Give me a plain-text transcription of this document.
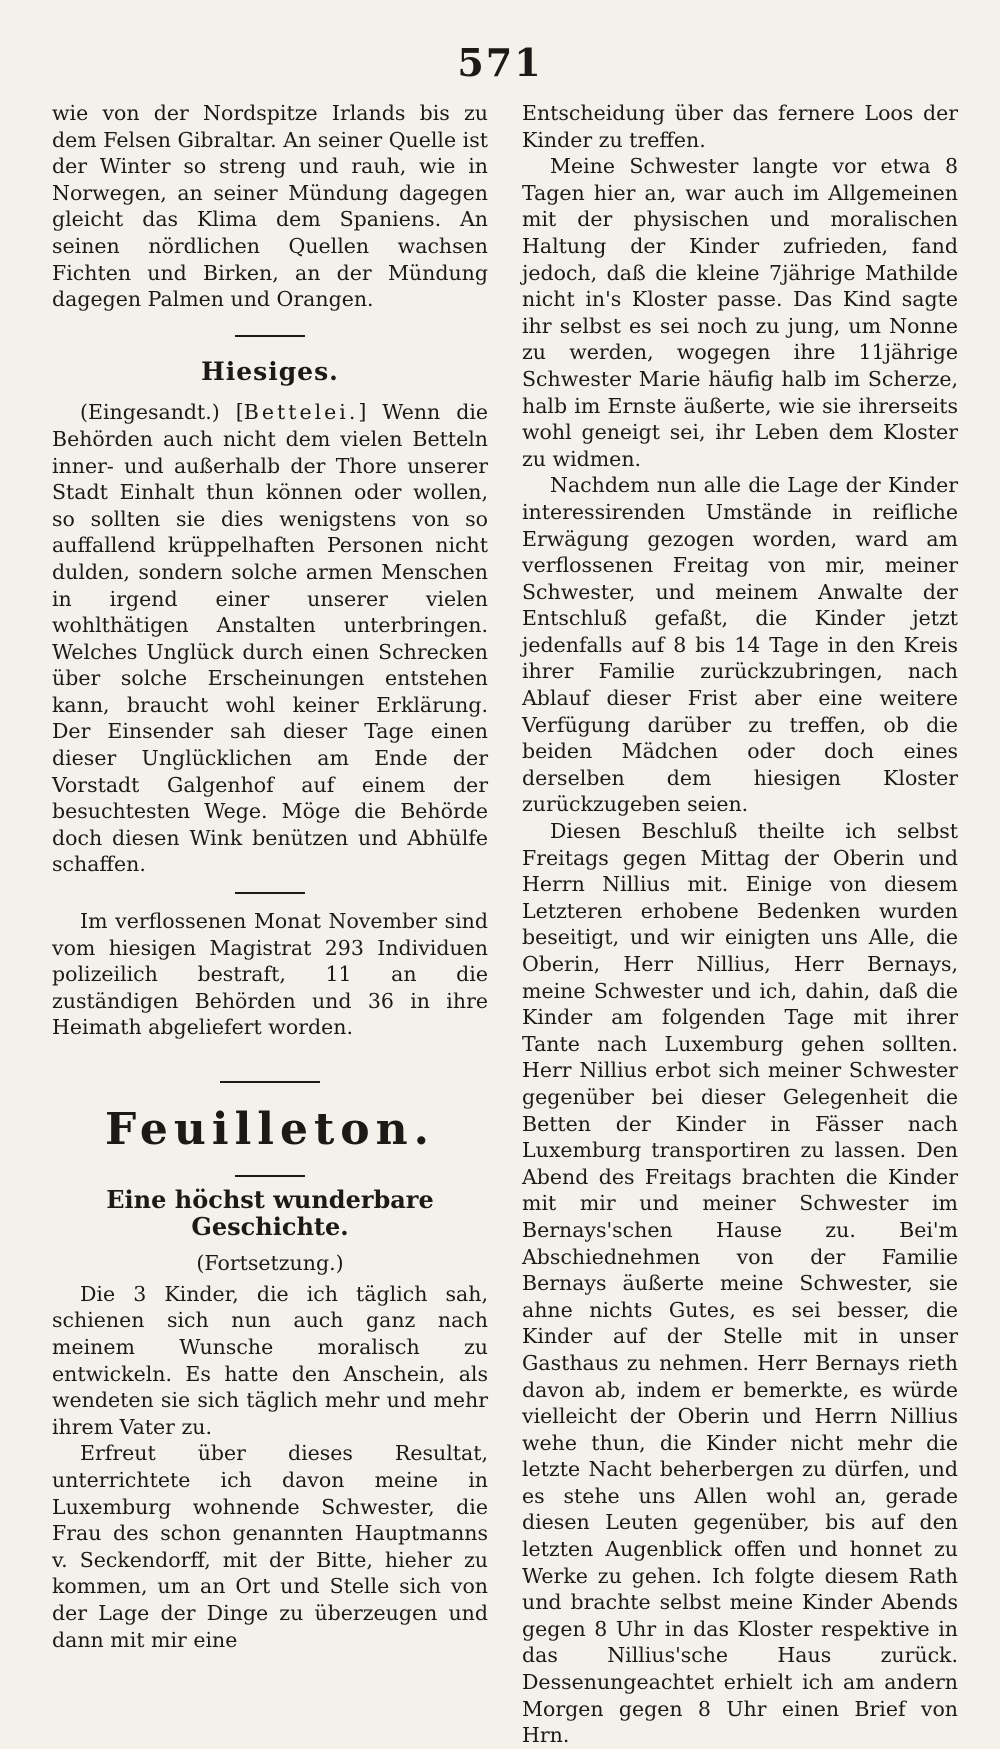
571

wie von der Nordspitze Irlands bis zu dem Felsen Gibraltar. An seiner Quelle ist der Winter so streng und rauh, wie in Norwegen, an seiner Mündung dagegen gleicht das Klima dem Spaniens. An seinen nördlichen Quellen wachsen Fichten und Birken, an der Mündung dagegen Palmen und Orangen.

Hiesiges.

(Eingesandt.) [Bettelei.] Wenn die Behörden auch nicht dem vielen Betteln inner- und außerhalb der Thore unserer Stadt Einhalt thun können oder wollen, so sollten sie dies wenigstens von so auffallend krüppelhaften Personen nicht dulden, sondern solche armen Menschen in irgend einer unserer vielen wohlthätigen Anstalten unterbringen. Welches Unglück durch einen Schrecken über solche Erscheinungen entstehen kann, braucht wohl keiner Erklärung. Der Einsender sah dieser Tage einen dieser Unglücklichen am Ende der Vorstadt Galgenhof auf einem der besuchtesten Wege. Möge die Behörde doch diesen Wink benützen und Abhülfe schaffen.

Im verflossenen Monat November sind vom hiesigen Magistrat 293 Individuen polizeilich bestraft, 11 an die zuständigen Behörden und 36 in ihre Heimath abgeliefert worden.

Feuilleton.
Eine höchst wunderbare Geschichte.
(Fortsetzung.)

Die 3 Kinder, die ich täglich sah, schienen sich nun auch ganz nach meinem Wunsche moralisch zu entwickeln. Es hatte den Anschein, als wendeten sie sich täglich mehr und mehr ihrem Vater zu.

Erfreut über dieses Resultat, unterrichtete ich davon meine in Luxemburg wohnende Schwester, die Frau des schon genannten Hauptmanns v. Seckendorff, mit der Bitte, hieher zu kommen, um an Ort und Stelle sich von der Lage der Dinge zu überzeugen und dann mit mir eine

Entscheidung über das fernere Loos der Kinder zu treffen.

Meine Schwester langte vor etwa 8 Tagen hier an, war auch im Allgemeinen mit der physischen und moralischen Haltung der Kinder zufrieden, fand jedoch, daß die kleine 7jährige Mathilde nicht in's Kloster passe. Das Kind sagte ihr selbst es sei noch zu jung, um Nonne zu werden, wogegen ihre 11jährige Schwester Marie häufig halb im Scherze, halb im Ernste äußerte, wie sie ihrerseits wohl geneigt sei, ihr Leben dem Kloster zu widmen.

Nachdem nun alle die Lage der Kinder interessirenden Umstände in reifliche Erwägung gezogen worden, ward am verflossenen Freitag von mir, meiner Schwester, und meinem Anwalte der Entschluß gefaßt, die Kinder jetzt jedenfalls auf 8 bis 14 Tage in den Kreis ihrer Familie zurückzubringen, nach Ablauf dieser Frist aber eine weitere Verfügung darüber zu treffen, ob die beiden Mädchen oder doch eines derselben dem hiesigen Kloster zurückzugeben seien.

Diesen Beschluß theilte ich selbst Freitags gegen Mittag der Oberin und Herrn Nillius mit. Einige von diesem Letzteren erhobene Bedenken wurden beseitigt, und wir einigten uns Alle, die Oberin, Herr Nillius, Herr Bernays, meine Schwester und ich, dahin, daß die Kinder am folgenden Tage mit ihrer Tante nach Luxemburg gehen sollten. Herr Nillius erbot sich meiner Schwester gegenüber bei dieser Gelegenheit die Betten der Kinder in Fässer nach Luxemburg transportiren zu lassen. Den Abend des Freitags brachten die Kinder mit mir und meiner Schwester im Bernays'schen Hause zu. Bei'm Abschiednehmen von der Familie Bernays äußerte meine Schwester, sie ahne nichts Gutes, es sei besser, die Kinder auf der Stelle mit in unser Gasthaus zu nehmen. Herr Bernays rieth davon ab, indem er bemerkte, es würde vielleicht der Oberin und Herrn Nillius wehe thun, die Kinder nicht mehr die letzte Nacht beherbergen zu dürfen, und es stehe uns Allen wohl an, gerade diesen Leuten gegenüber, bis auf den letzten Augenblick offen und honnet zu Werke zu gehen. Ich folgte diesem Rath und brachte selbst meine Kinder Abends gegen 8 Uhr in das Kloster respektive in das Nillius'sche Haus zurück. Dessenungeachtet erhielt ich am andern Morgen gegen 8 Uhr einen Brief von Hrn.
